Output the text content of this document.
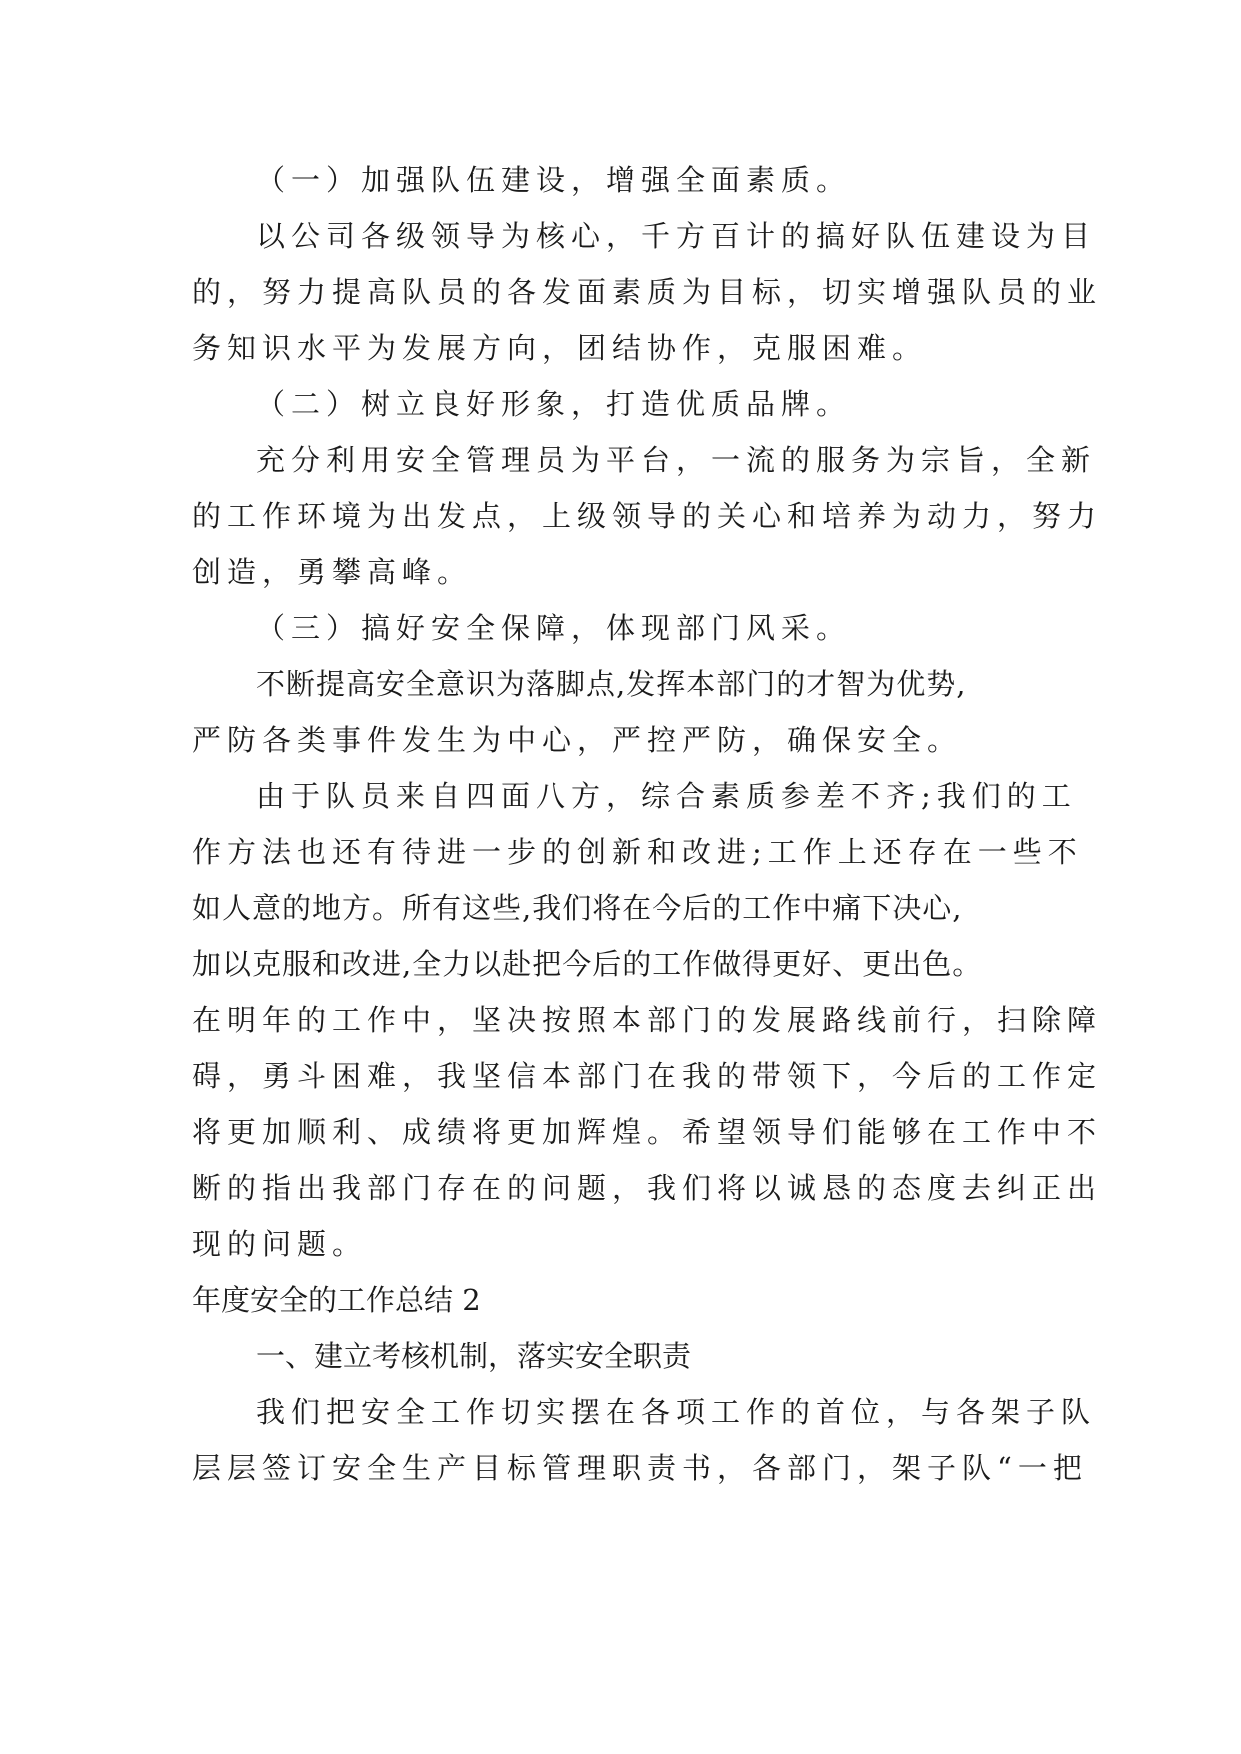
（一）加强队伍建设，增强全面素质。
以公司各级领导为核心，千方百计的搞好队伍建设为目
的，努力提高队员的各发面素质为目标，切实增强队员的业
务知识水平为发展方向，团结协作，克服困难。
（二）树立良好形象，打造优质品牌。
充分利用安全管理员为平台，一流的服务为宗旨，全新
的工作环境为出发点，上级领导的关心和培养为动力，努力
创造，勇攀高峰。
（三）搞好安全保障，体现部门风采。
不断提高安全意识为落脚点,发挥本部门的才智为优势,
严防各类事件发生为中心，严控严防，确保安全。
由于队员来自四面八方，综合素质参差不齐;我们的工
作方法也还有待进一步的创新和改进;工作上还存在一些不
如人意的地方。所有这些,我们将在今后的工作中痛下决心,
加以克服和改进,全力以赴把今后的工作做得更好、更出色。
在明年的工作中，坚决按照本部门的发展路线前行，扫除障
碍，勇斗困难，我坚信本部门在我的带领下，今后的工作定
将更加顺利、成绩将更加辉煌。希望领导们能够在工作中不
断的指出我部门存在的问题，我们将以诚恳的态度去纠正出
现的问题。
年度安全的工作总结 2
一、建立考核机制，落实安全职责
我们把安全工作切实摆在各项工作的首位，与各架子队
层层签订安全生产目标管理职责书，各部门，架子队“一把
